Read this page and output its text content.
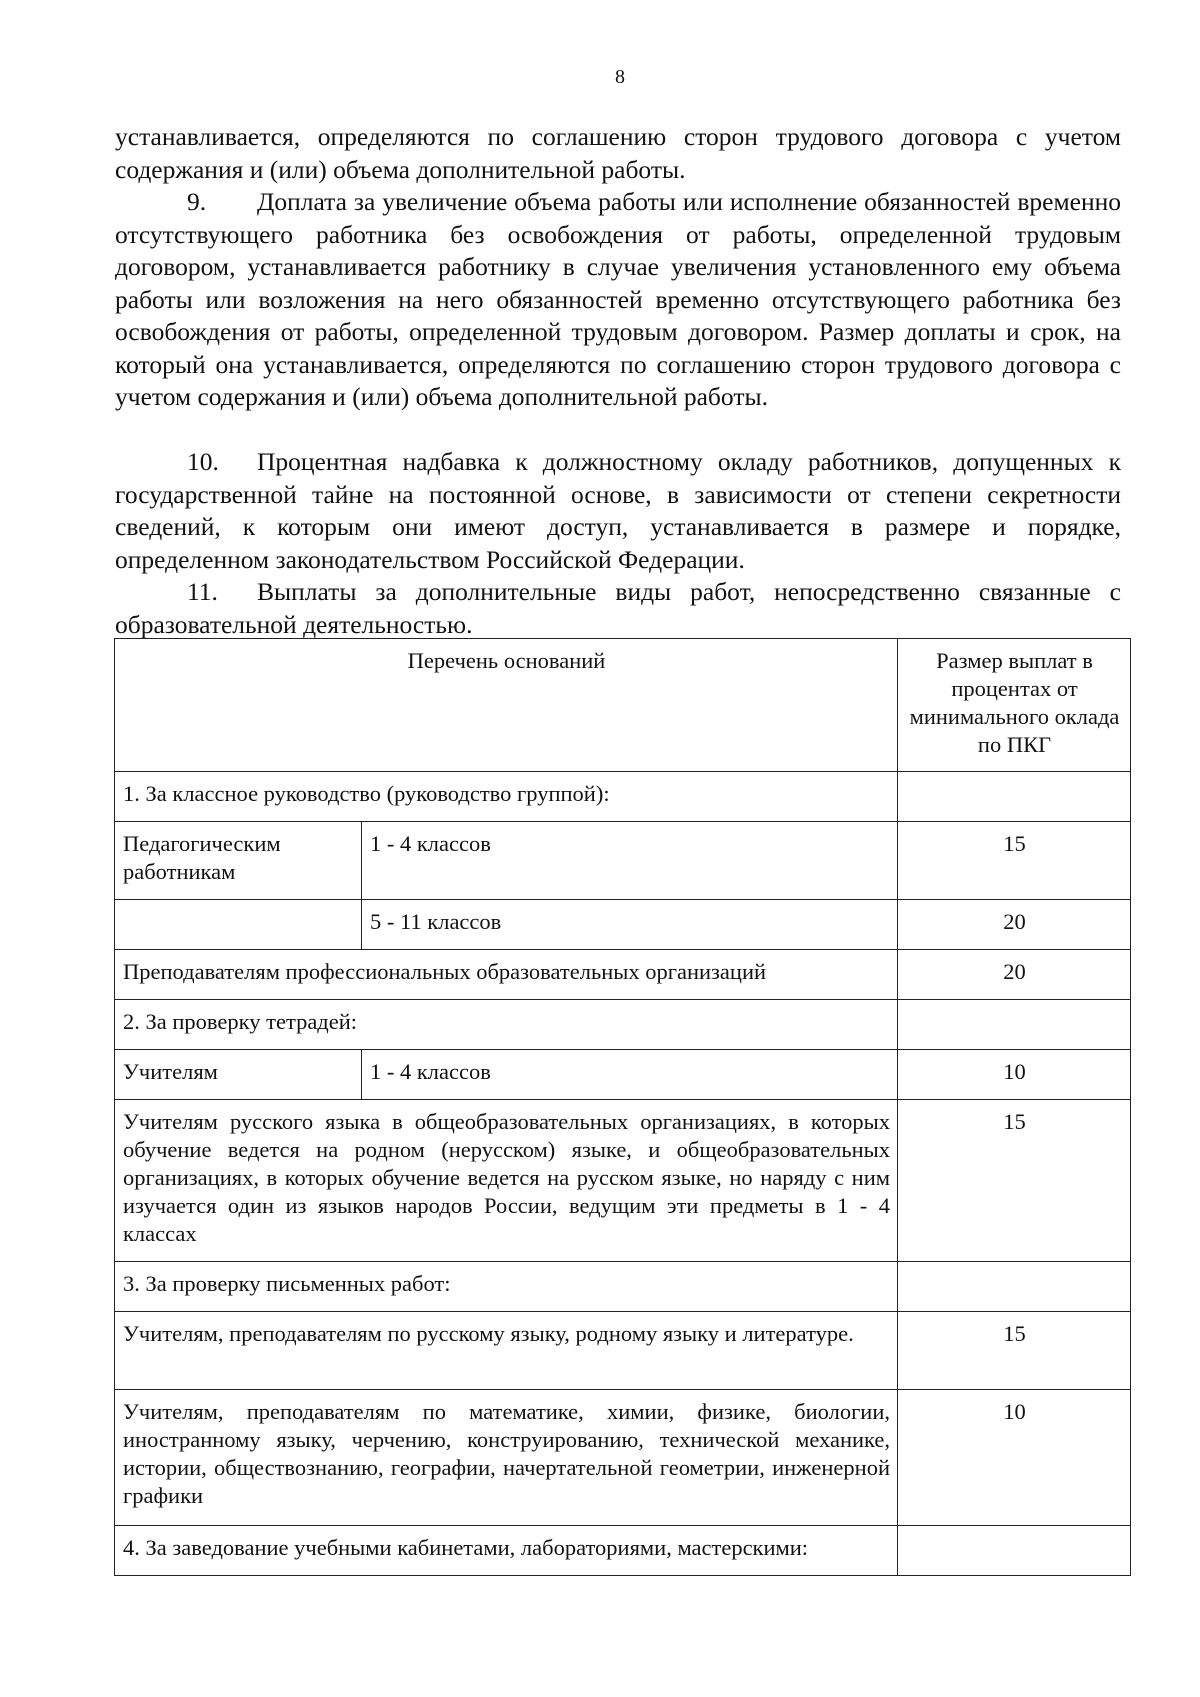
8
устанавливается, определяются по соглашению сторон трудового договора с учетом содержания и (или) объема дополнительной работы.
9. Доплата за увеличение объема работы или исполнение обязанностей временно отсутствующего работника без освобождения от работы, определенной трудовым договором, устанавливается работнику в случае увеличения установленного ему объема работы или возложения на него обязанностей временно отсутствующего работника без освобождения от работы, определенной трудовым договором. Размер доплаты и срок, на который она устанавливается, определяются по соглашению сторон трудового договора с учетом содержания и (или) объема дополнительной работы.
10. Процентная надбавка к должностному окладу работников, допущенных к государственной тайне на постоянной основе, в зависимости от степени секретности сведений, к которым они имеют доступ, устанавливается в размере и порядке, определенном законодательством Российской Федерации.
11. Выплаты за дополнительные виды работ, непосредственно связанные с образовательной деятельностью.
Перечень оснований		Размер выплат в процентах от минимального оклада по ПКГ
1. За классное руководство (руководство группой):		
Педагогическим работникам	1 - 4 классов	15
	5 - 11 классов	20
Преподавателям профессиональных образовательных организаций		20
2. За проверку тетрадей:		
Учителям	1 - 4 классов	10
Учителям русского языка в общеобразовательных организациях, в которых обучение ведется на родном (нерусском) языке, и общеобразовательных организациях, в которых обучение ведется на русском языке, но наряду с ним изучается один из языков народов России, ведущим эти предметы в 1 - 4 классах		15
3. За проверку письменных работ:		
Учителям, преподавателям по русскому языку, родному языку и литературе.		15
Учителям, преподавателям по математике, химии, физике, биологии, иностранному языку, черчению, конструированию, технической механике, истории, обществознанию, географии, начертательной геометрии, инженерной графики		10
4. За заведование учебными кабинетами, лабораториями, мастерскими:		
